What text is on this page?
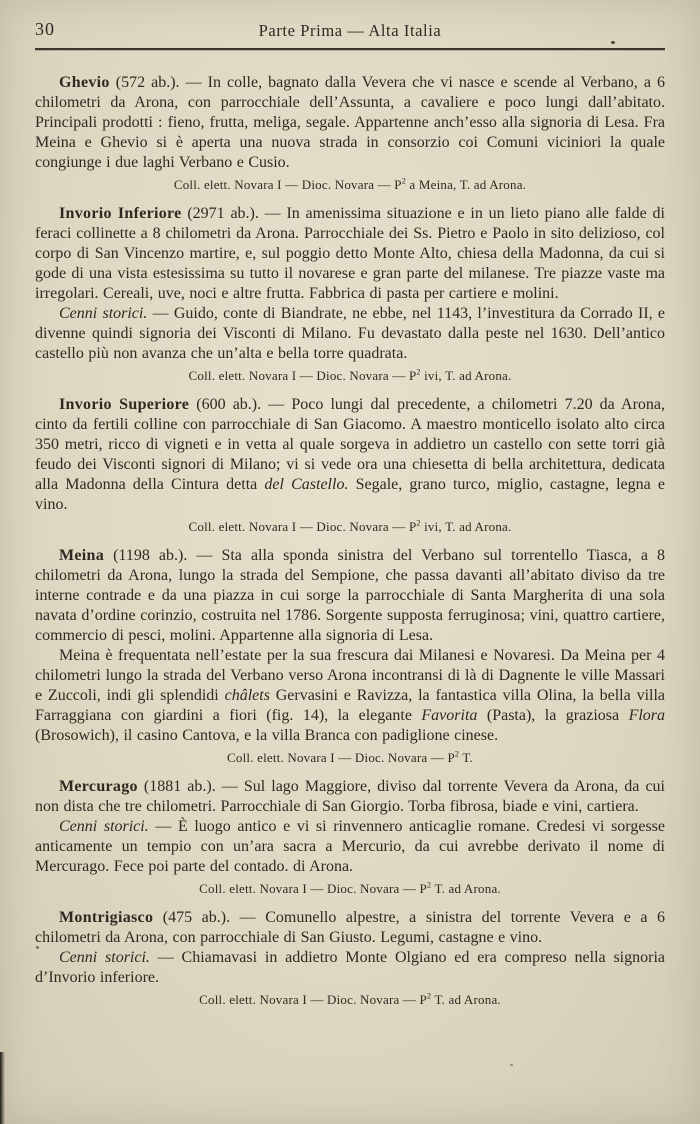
30	Parte Prima — Alta Italia

Ghevio (572 ab.). — In colle, bagnato dalla Vevera che vi nasce e scende al Verbano, a 6 chilometri da Arona, con parrocchiale dell’Assunta, a cavaliere e poco lungi dall’abitato. Principali prodotti : fieno, frutta, meliga, segale. Appartenne anch’esso alla signoria di Lesa. Fra Meina e Ghevio si è aperta una nuova strada in consorzio coi Comuni viciniori la quale congiunge i due laghi Verbano e Cusio.

Coll. elett. Novara I — Dioc. Novara — $P^2$ a Meina, T. ad Arona.

Invorio Inferiore (2971 ab.). — In amenissima situazione e in un lieto piano alle falde di feraci collinette a 8 chilometri da Arona. Parrocchiale dei Ss. Pietro e Paolo in sito delizioso, col corpo di San Vincenzo martire, e, sul poggio detto Monte Alto, chiesa della Madonna, da cui si gode di una vista estesissima su tutto il novarese e gran parte del milanese. Tre piazze vaste ma irregolari. Cereali, uve, noci e altre frutta. Fabbrica di pasta per cartiere e molini.

Cenni storici. — Guido, conte di Biandrate, ne ebbe, nel 1143, l’investitura da Corrado II, e divenne quindi signoria dei Visconti di Milano. Fu devastato dalla peste nel 1630. Dell’antico castello più non avanza che un’alta e bella torre quadrata.

Coll. elett. Novara I — Dioc. Novara — $P^2$ ivi, T. ad Arona.

Invorio Superiore (600 ab.). — Poco lungi dal precedente, a chilometri 7.20 da Arona, cinto da fertili colline con parrocchiale di San Giacomo. A maestro monticello isolato alto circa 350 metri, ricco di vigneti e in vetta al quale sorgeva in addietro un castello con sette torri già feudo dei Visconti signori di Milano; vi si vede ora una chiesetta di bella architettura, dedicata alla Madonna della Cintura detta del Castello. Segale, grano turco, miglio, castagne, legna e vino.

Coll. elett. Novara I — Dioc. Novara — $P^2$ ivi, T. ad Arona.

Meina (1198 ab.). — Sta alla sponda sinistra del Verbano sul torrentello Tiasca, a 8 chilometri da Arona, lungo la strada del Sempione, che passa davanti all’abitato diviso da tre interne contrade e da una piazza in cui sorge la parrocchiale di Santa Margherita di una sola navata d’ordine corinzio, costruita nel 1786. Sorgente supposta ferruginosa; vini, quattro cartiere, commercio di pesci, molini. Appartenne alla signoria di Lesa.

Meina è frequentata nell’estate per la sua frescura dai Milanesi e Novaresi. Da Meina per 4 chilometri lungo la strada del Verbano verso Arona incontransi di là di Dagnente le ville Massari e Zuccoli, indi gli splendidi châlets Gervasini e Ravizza, la fantastica villa Olina, la bella villa Farraggiana con giardini a fiori (fig. 14), la elegante Favorita (Pasta), la graziosa Flora (Brosowich), il casino Cantova, e la villa Branca con padiglione cinese.

Coll. elett. Novara I — Dioc. Novara — $P^2$ T.

Mercurago (1881 ab.). — Sul lago Maggiore, diviso dal torrente Vevera da Arona, da cui non dista che tre chilometri. Parrocchiale di San Giorgio. Torba fibrosa, biade e vini, cartiera.

Cenni storici. — È luogo antico e vi si rinvennero anticaglie romane. Credesi vi sorgesse anticamente un tempio con un’ara sacra a Mercurio, da cui avrebbe derivato il nome di Mercurago. Fece poi parte del contado. di Arona.

Coll. elett. Novara I — Dioc. Novara — $P^2$ T. ad Arona.

Montrigiasco (475 ab.). — Comunello alpestre, a sinistra del torrente Vevera e a 6 chilometri da Arona, con parrocchiale di San Giusto. Legumi, castagne e vino.

Cenni storici. — Chiamavasi in addietro Monte Olgiano ed era compreso nella signoria d’Invorio inferiore.

Coll. elett. Novara I — Dioc. Novara — $P^2$ T. ad Arona.
